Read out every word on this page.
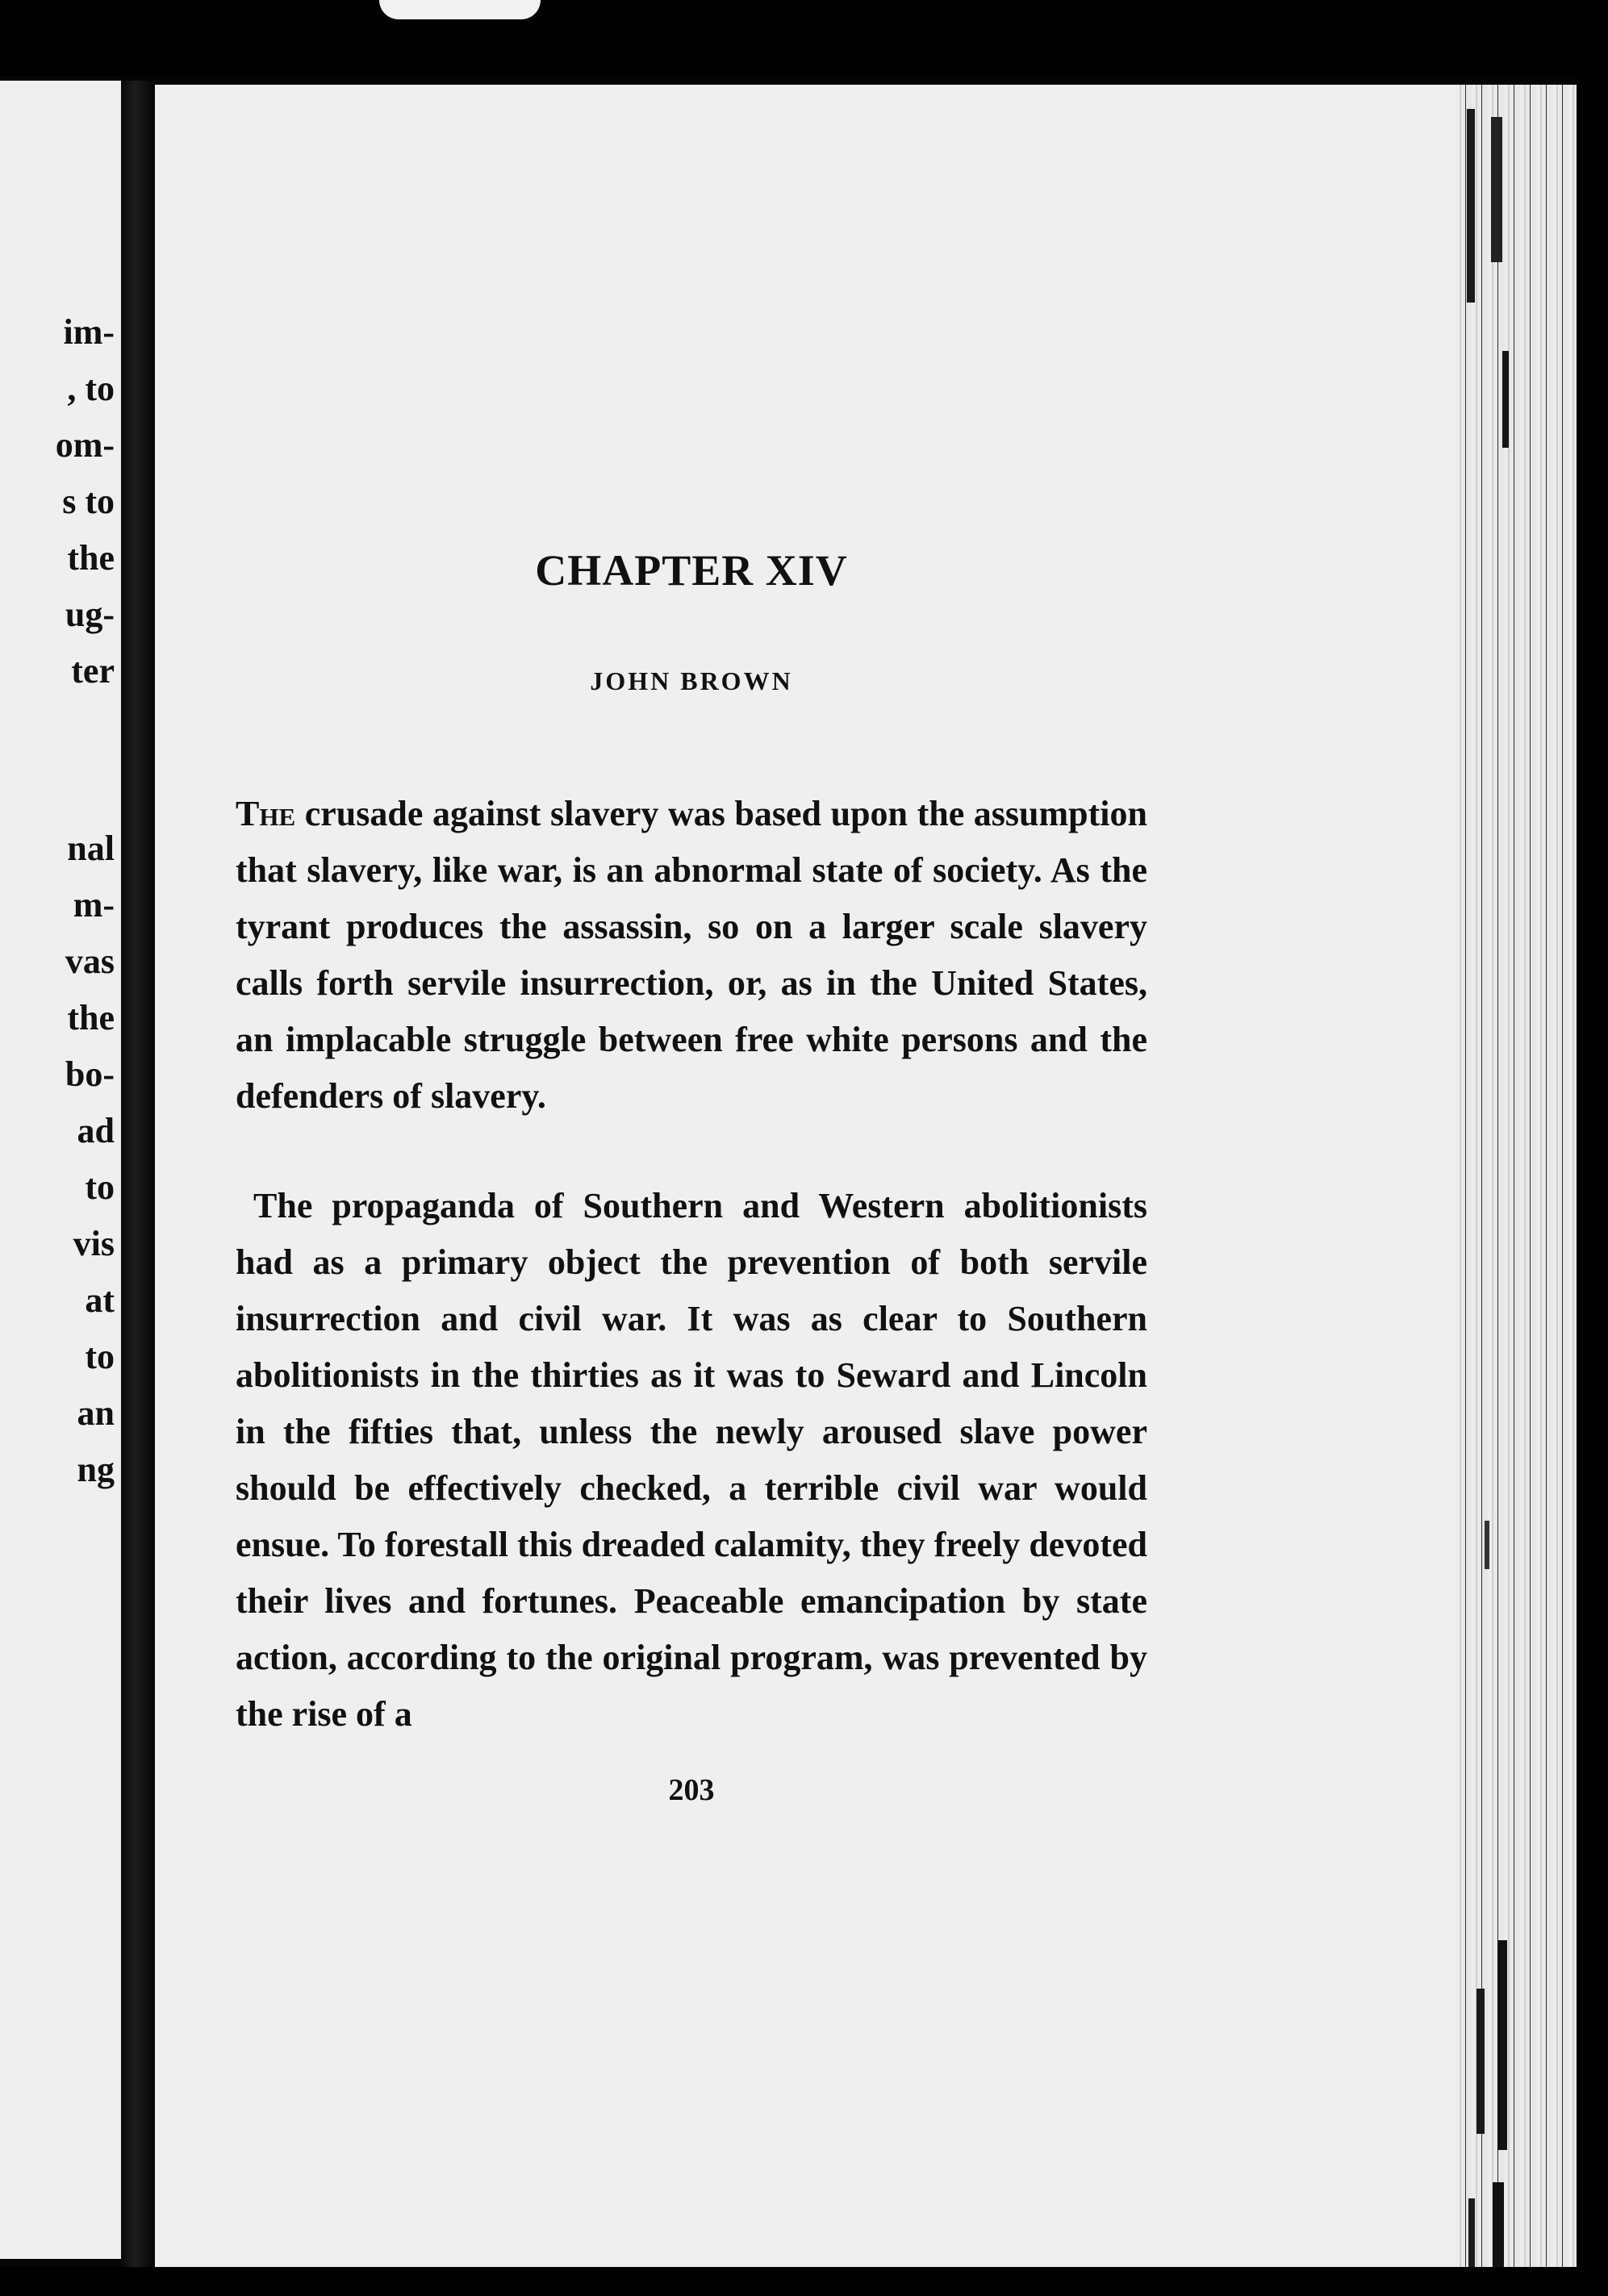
im-
, to
om-
s to
the
ug-
ter
nal
m-
vas
the
bo-
ad
to
vis
at
to
an
ng
CHAPTER XIV
JOHN BROWN

The crusade against slavery was based upon the assumption that slavery, like war, is an abnormal state of society. As the tyrant produces the assassin, so on a larger scale slavery calls forth servile insurrection, or, as in the United States, an implacable struggle between free white persons and the defenders of slavery.

The propaganda of Southern and Western abolitionists had as a primary object the prevention of both servile insurrection and civil war. It was as clear to Southern abolitionists in the thirties as it was to Seward and Lincoln in the fifties that, unless the newly aroused slave power should be effectively checked, a terrible civil war would ensue. To forestall this dreaded calamity, they freely devoted their lives and fortunes. Peaceable emancipation by state action, according to the original program, was prevented by the rise of a

203
